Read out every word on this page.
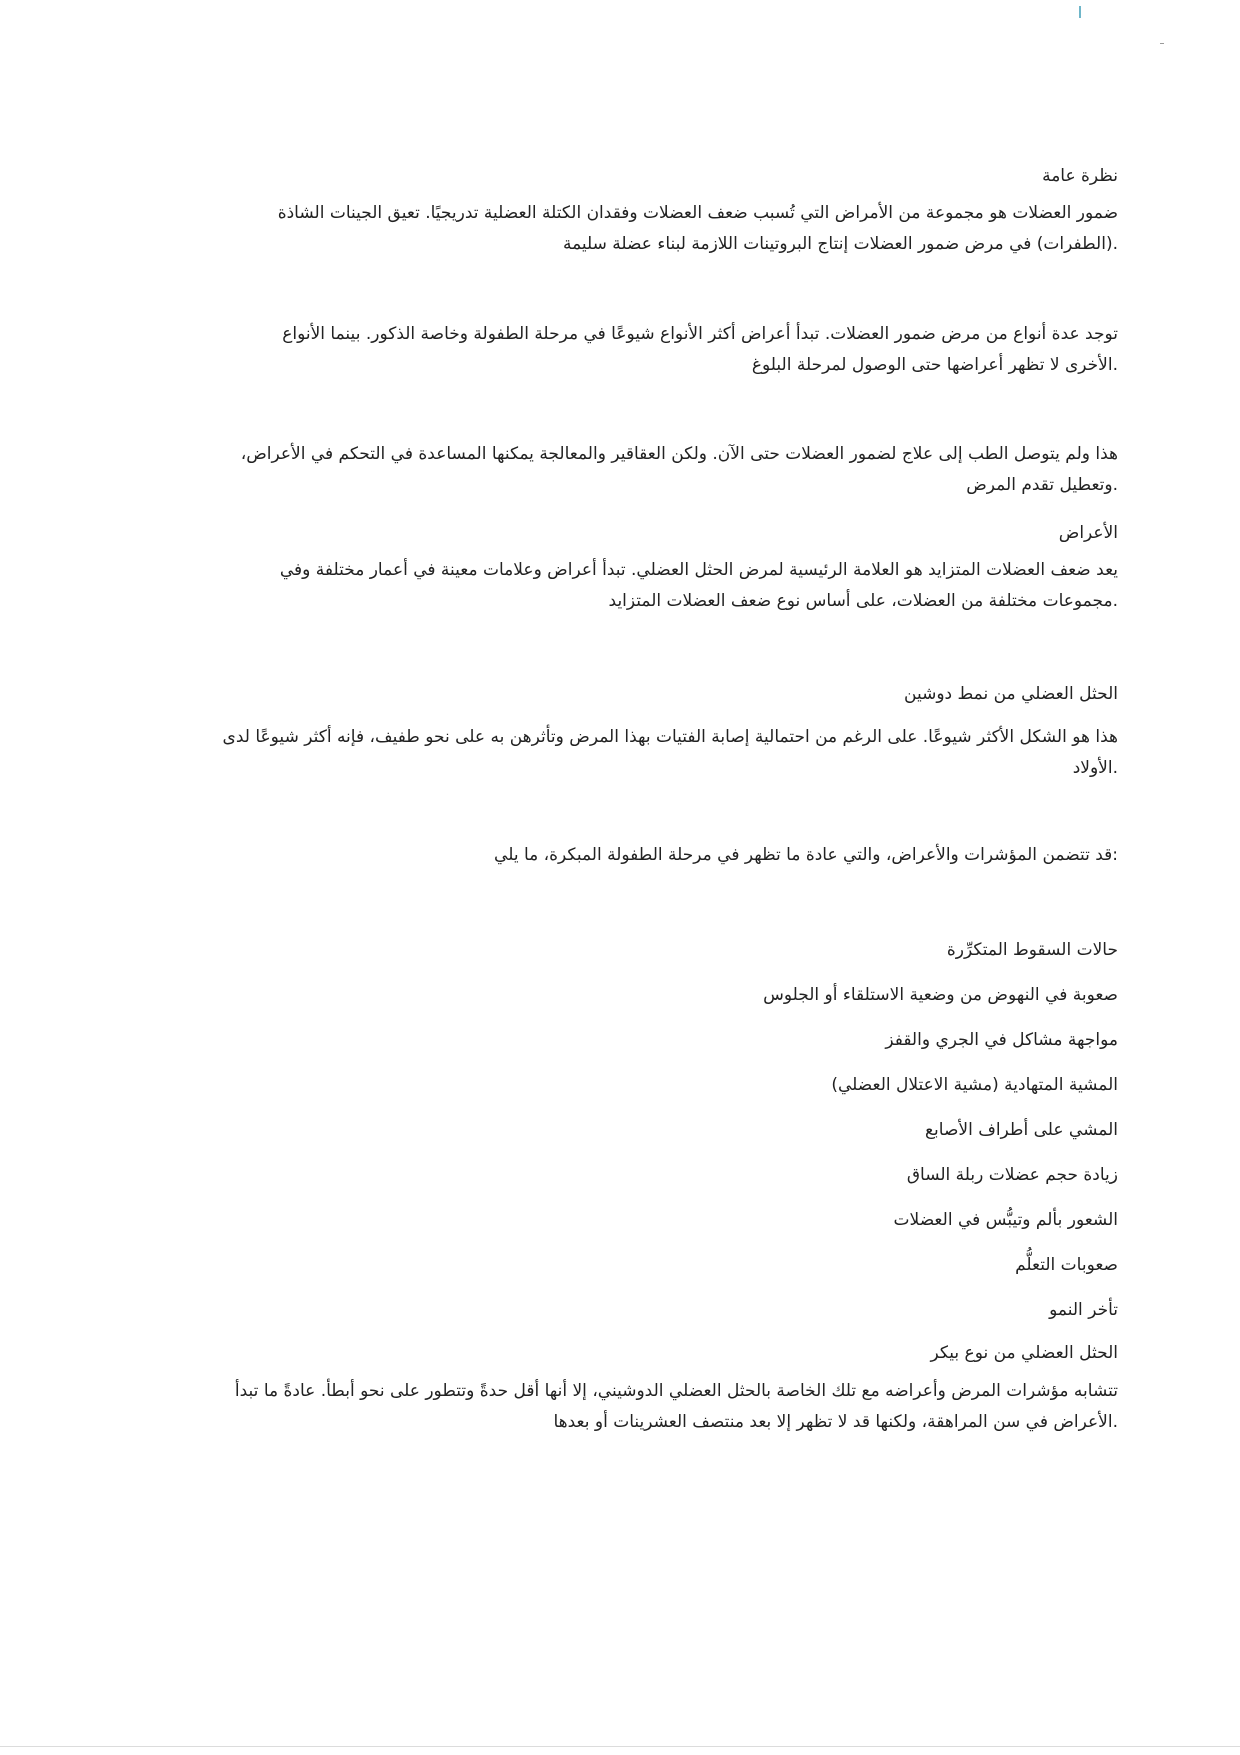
نظرة عامة
ضمور العضلات هو مجموعة من الأمراض التي تُسبب ضعف العضلات وفقدان الكتلة العضلية تدريجيًا. تعيق الجينات الشاذة
.(الطفرات) في مرض ضمور العضلات إنتاج البروتينات اللازمة لبناء عضلة سليمة
توجد عدة أنواع من مرض ضمور العضلات. تبدأ أعراض أكثر الأنواع شيوعًا في مرحلة الطفولة وخاصة الذكور. بينما الأنواع
.الأخرى لا تظهر أعراضها حتى الوصول لمرحلة البلوغ
هذا ولم يتوصل الطب إلى علاج لضمور العضلات حتى الآن. ولكن العقاقير والمعالجة يمكنها المساعدة في التحكم في الأعراض،
.وتعطيل تقدم المرض
الأعراض
يعد ضعف العضلات المتزايد هو العلامة الرئيسية لمرض الحثل العضلي. تبدأ أعراض وعلامات معينة في أعمار مختلفة وفي
.مجموعات مختلفة من العضلات، على أساس نوع ضعف العضلات المتزايد
الحثل العضلي من نمط دوشين
هذا هو الشكل الأكثر شيوعًا. على الرغم من احتمالية إصابة الفتيات بهذا المرض وتأثرهن به على نحو طفيف، فإنه أكثر شيوعًا لدى
.الأولاد
:قد تتضمن المؤشرات والأعراض، والتي عادة ما تظهر في مرحلة الطفولة المبكرة، ما يلي
حالات السقوط المتكرِّرة
صعوبة في النهوض من وضعية الاستلقاء أو الجلوس
مواجهة مشاكل في الجري والقفز
المشية المتهادية (مشية الاعتلال العضلي)
المشي على أطراف الأصابع
زيادة حجم عضلات ربلة الساق
الشعور بألم وتيبُّس في العضلات
صعوبات التعلُّم
تأخر النمو
الحثل العضلي من نوع بيكر
تتشابه مؤشرات المرض وأعراضه مع تلك الخاصة بالحثل العضلي الدوشيني، إلا أنها أقل حدةً وتتطور على نحو أبطأ. عادةً ما تبدأ
.الأعراض في سن المراهقة، ولكنها قد لا تظهر إلا بعد منتصف العشرينات أو بعدها
